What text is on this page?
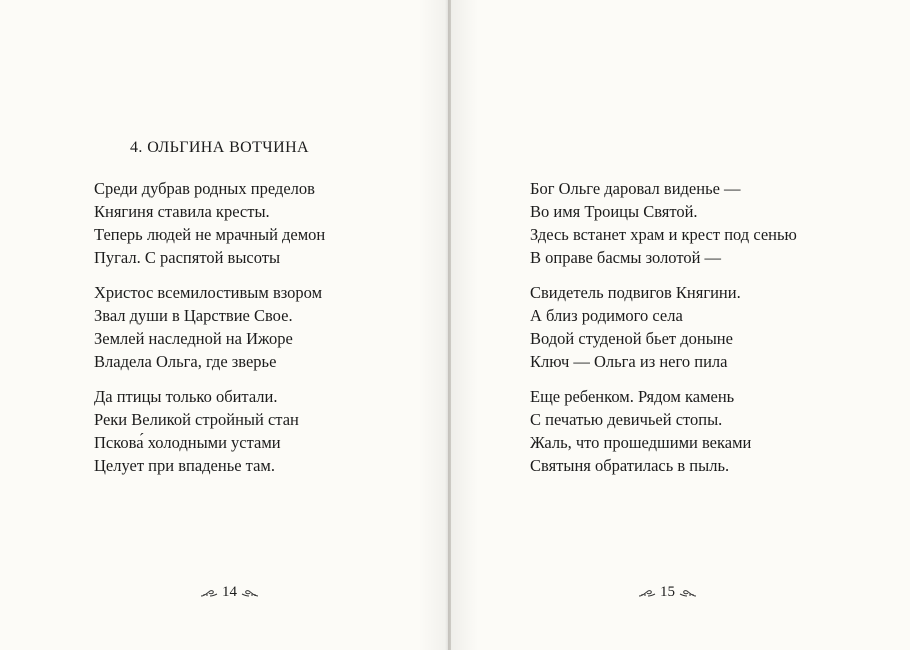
4. ОЛЬГИНА ВОТЧИНА
Среди дубрав родных пределов
Княгиня ставила кресты.
Теперь людей не мрачный демон
Пугал. С распятой высоты
Христос всемилостивым взором
Звал души в Царствие Свое.
Землей наследной на Ижоре
Владела Ольга, где зверье
Да птицы только обитали.
Реки Великой стройный стан
Пскова́ холодными устами
Целует при впаденье там.
14
Бог Ольге даровал виденье —
Во имя Троицы Святой.
Здесь встанет храм и крест под сенью
В оправе басмы золотой —
Свидетель подвигов Княгини.
А близ родимого села
Водой студеной бьет доныне
Ключ — Ольга из него пила
Еще ребенком. Рядом камень
С печатью девичьей стопы.
Жаль, что прошедшими веками
Святыня обратилась в пыль.
15
